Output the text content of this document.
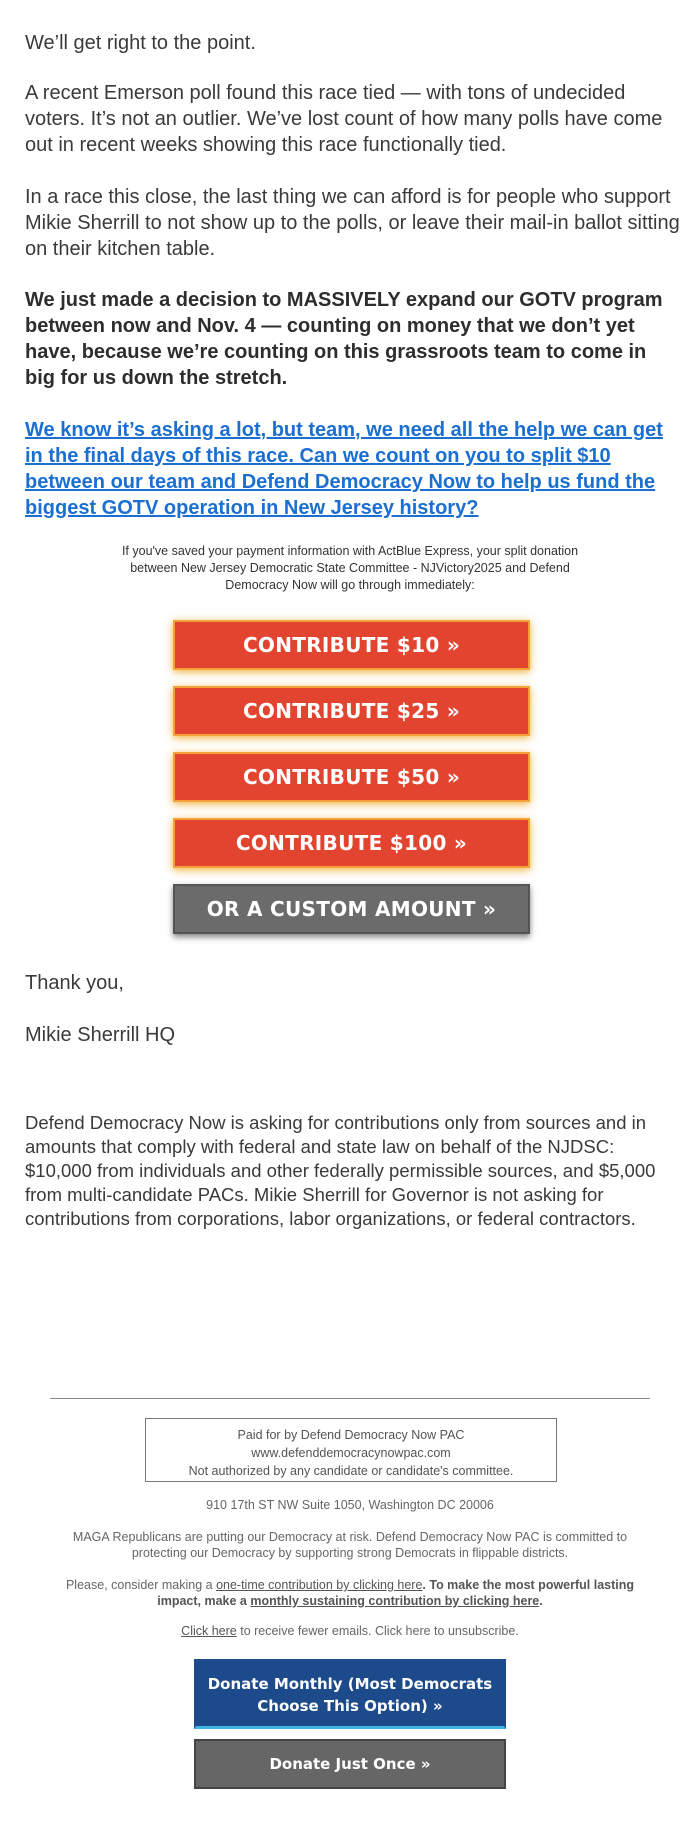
We’ll get right to the point.

A recent Emerson poll found this race tied — with tons of undecided voters. It’s not an outlier. We’ve lost count of how many polls have come out in recent weeks showing this race functionally tied.

In a race this close, the last thing we can afford is for people who support Mikie Sherrill to not show up to the polls, or leave their mail-in ballot sitting on their kitchen table.

We just made a decision to MASSIVELY expand our GOTV program between now and Nov. 4 — counting on money that we don’t yet have, because we’re counting on this grassroots team to come in big for us down the stretch.

We know it’s asking a lot, but team, we need all the help we can get in the final days of this race. Can we count on you to split $10 between our team and Defend Democracy Now to help us fund the biggest GOTV operation in New Jersey history?

If you've saved your payment information with ActBlue Express, your split donation between New Jersey Democratic State Committee - NJVictory2025 and Defend Democracy Now will go through immediately:
CONTRIBUTE $10 »
CONTRIBUTE $25 »
CONTRIBUTE $50 »
CONTRIBUTE $100 »
OR A CUSTOM AMOUNT »

Thank you,

Mikie Sherrill HQ

Defend Democracy Now is asking for contributions only from sources and in amounts that comply with federal and state law on behalf of the NJDSC: $10,000 from individuals and other federally permissible sources, and $5,000 from multi-candidate PACs. Mikie Sherrill for Governor is not asking for contributions from corporations, labor organizations, or federal contractors.

Paid for by Defend Democracy Now PAC
www.defenddemocracynowpac.com
Not authorized by any candidate or candidate's committee.
910 17th ST NW Suite 1050, Washington DC 20006
MAGA Republicans are putting our Democracy at risk. Defend Democracy Now PAC is committed to protecting our Democracy by supporting strong Democrats in flippable districts.
Please, consider making a one-time contribution by clicking here. To make the most powerful lasting impact, make a monthly sustaining contribution by clicking here.
Click here to receive fewer emails. Click here to unsubscribe.
Donate Monthly (Most Democrats Choose This Option) »
Donate Just Once »
